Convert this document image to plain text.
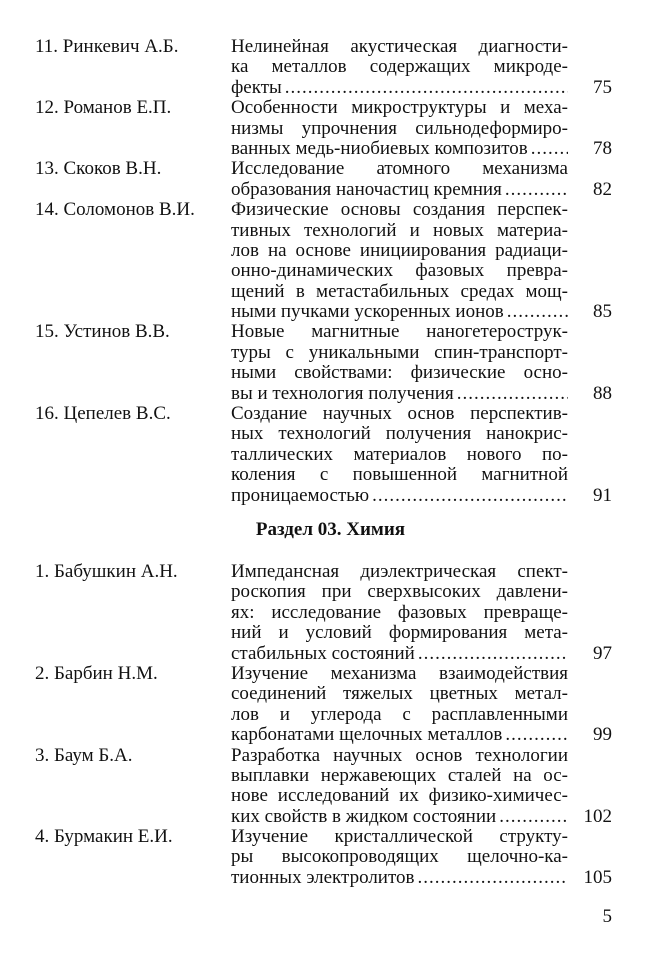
11. Ринкевич А.Б.	Нелинейная акустическая диагности-
ка металлов содержащих микроде-
фекты .....	75
12. Романов Е.П.	Особенности микроструктуры и меха-
низмы упрочнения сильнодеформиро-
ванных медь-ниобиевых композитов .....	78
13. Скоков В.Н.	Исследование атомного механизма
образования наночастиц кремния .....	82
14. Соломонов В.И. Физические основы создания перспек-
тивных технологий и новых материа-
лов на основе инициирования радиаци-
онно-динамических фазовых превра-
щений в метастабильных средах мощ-
ными пучками ускоренных ионов .....	85
15. Устинов В.В.	Новые магнитные наногетерострук-
туры с уникальными спин-транспорт-
ными свойствами: физические осно-
вы и технология получения .....	88
16. Цепелев В.С.	Создание научных основ перспектив-
ных технологий получения нанокрис-
таллических материалов нового по-
коления с повышенной магнитной
проницаемостью .....	91
Раздел 03. Химия
1. Бабушкин А.Н.	Импедансная диэлектрическая спект-
роскопия при сверхвысоких давлени-
ях: исследование фазовых превраще-
ний и условий формирования мета-
стабильных состояний .....	97
2. Барбин Н.М.	Изучение механизма взаимодействия
соединений тяжелых цветных метал-
лов и углерода с расплавленными
карбонатами щелочных металлов .....	99
3. Баум Б.А.	Разработка научных основ технологии
выплавки нержавеющих сталей на ос-
нове исследований их физико-химичес-
ких свойств в жидком состоянии .....	102
4. Бурмакин Е.И.	Изучение кристаллической структу-
ры высокопроводящих щелочно-ка-
тионных электролитов .....	105
5
